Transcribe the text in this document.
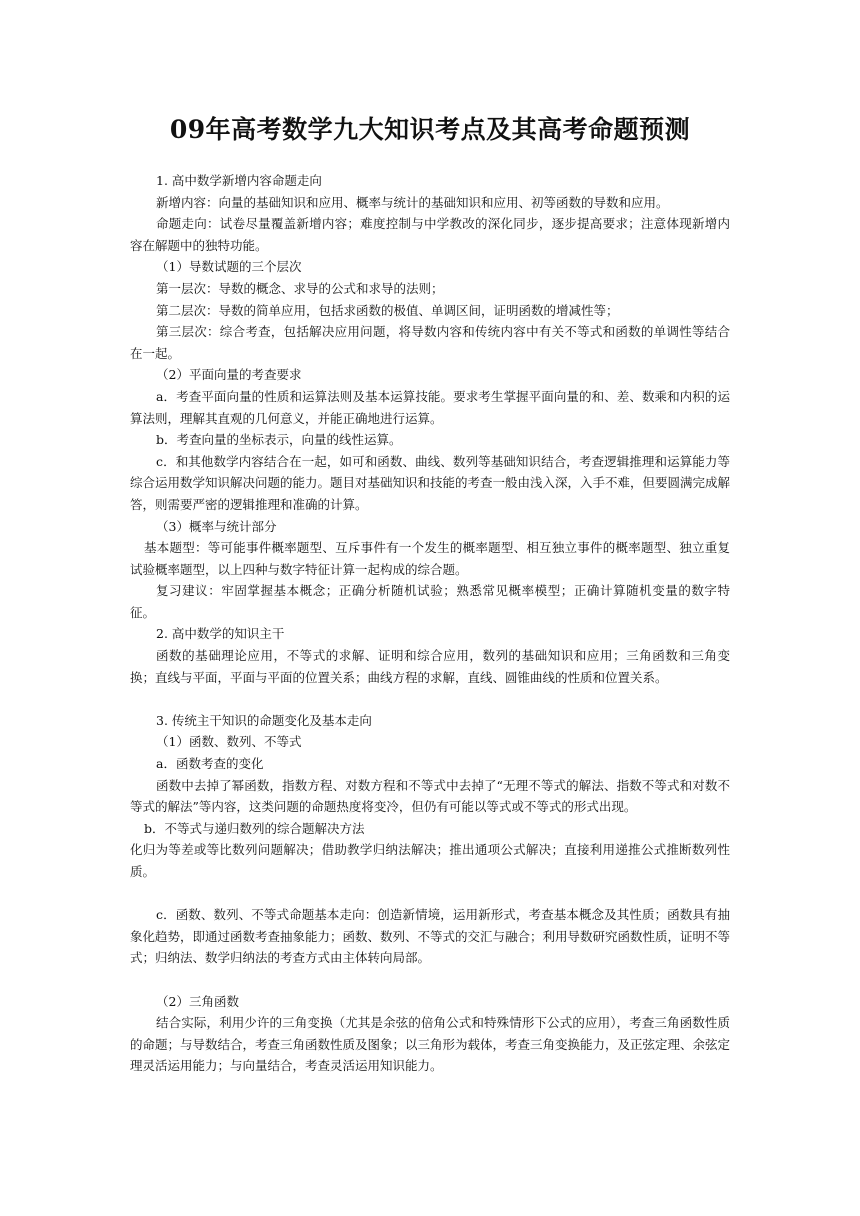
09年高考数学九大知识考点及其高考命题预测

1. 高中数学新增内容命题走向

新增内容：向量的基础知识和应用、概率与统计的基础知识和应用、初等函数的导数和应用。

命题走向：试卷尽量覆盖新增内容；难度控制与中学教改的深化同步，逐步提高要求；注意体现新增内容在解题中的独特功能。

（1）导数试题的三个层次

第一层次：导数的概念、求导的公式和求导的法则；

第二层次：导数的简单应用，包括求函数的极值、单调区间，证明函数的增减性等；

第三层次：综合考查，包括解决应用问题，将导数内容和传统内容中有关不等式和函数的单调性等结合在一起。

（2）平面向量的考查要求

a．考查平面向量的性质和运算法则及基本运算技能。要求考生掌握平面向量的和、差、数乘和内积的运算法则，理解其直观的几何意义，并能正确地进行运算。

b．考查向量的坐标表示，向量的线性运算。

c．和其他数学内容结合在一起，如可和函数、曲线、数列等基础知识结合，考查逻辑推理和运算能力等综合运用数学知识解决问题的能力。题目对基础知识和技能的考查一般由浅入深，入手不难，但要圆满完成解答，则需要严密的逻辑推理和准确的计算。

（3）概率与统计部分

基本题型：等可能事件概率题型、互斥事件有一个发生的概率题型、相互独立事件的概率题型、独立重复试验概率题型，以上四种与数字特征计算一起构成的综合题。

复习建议：牢固掌握基本概念；正确分析随机试验；熟悉常见概率模型；正确计算随机变量的数字特征。

2. 高中数学的知识主干

函数的基础理论应用，不等式的求解、证明和综合应用，数列的基础知识和应用；三角函数和三角变换；直线与平面，平面与平面的位置关系；曲线方程的求解，直线、圆锥曲线的性质和位置关系。

3. 传统主干知识的命题变化及基本走向

（1）函数、数列、不等式

a．函数考查的变化

函数中去掉了幂函数，指数方程、对数方程和不等式中去掉了“无理不等式的解法、指数不等式和对数不等式的解法”等内容，这类问题的命题热度将变冷，但仍有可能以等式或不等式的形式出现。

b．不等式与递归数列的综合题解决方法

化归为等差或等比数列问题解决；借助教学归纳法解决；推出通项公式解决；直接利用递推公式推断数列性质。

c．函数、数列、不等式命题基本走向：创造新情境，运用新形式，考查基本概念及其性质；函数具有抽象化趋势，即通过函数考查抽象能力；函数、数列、不等式的交汇与融合；利用导数研究函数性质，证明不等式；归纳法、数学归纳法的考查方式由主体转向局部。

（2）三角函数

结合实际，利用少许的三角变换（尤其是余弦的倍角公式和特殊情形下公式的应用），考查三角函数性质的命题；与导数结合，考查三角函数性质及图象；以三角形为载体，考查三角变换能力，及正弦定理、余弦定理灵活运用能力；与向量结合，考查灵活运用知识能力。
